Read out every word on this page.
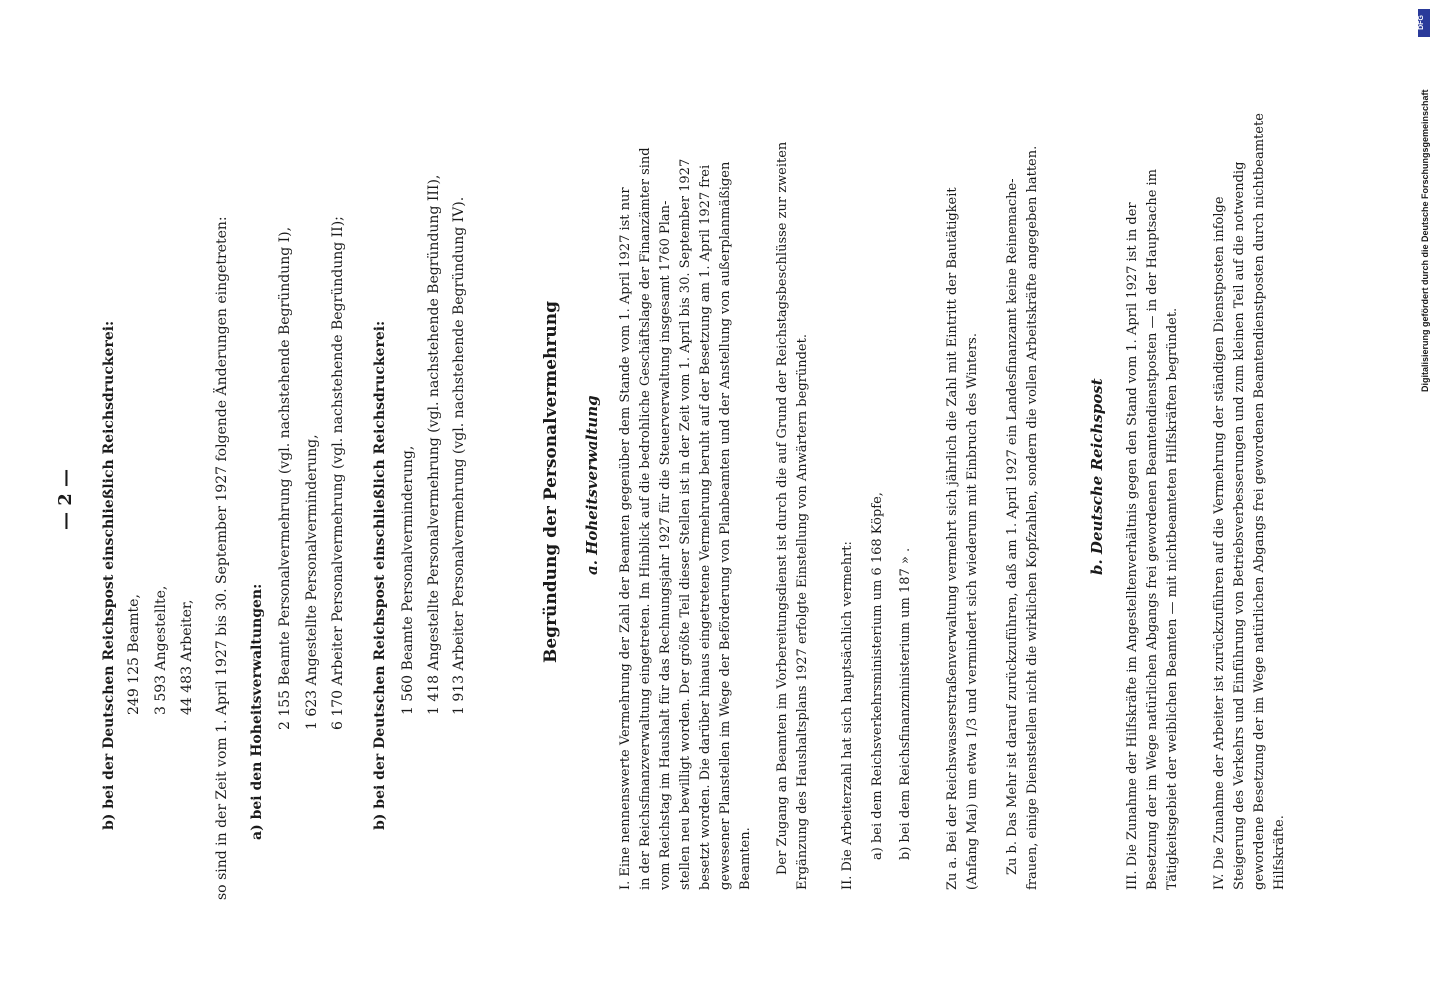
— 2 — b) bei der Deutschen Reichspost einschließlich Reichsdruckerei: 249 125 Beamte, 3 593 Angestellte, 44 483 Arbeiter, so sind in der Zeit vom 1. April 1927 bis 30. September 1927 folgende Änderungen eingetreten: a) bei den Hoheitsverwaltungen: 2 155 Beamte Personalvermehrung (vgl. nachstehende Begründung I), 1 623 Angestellte Personalverminderung, 6 170 Arbeiter Personalvermehrung (vgl. nachstehende Begründung II); b) bei der Deutschen Reichspost einschließlich Reichsdruckerei: 1 560 Beamte Personalverminderung, 1 418 Angestellte Personalvermehrung (vgl. nachstehende Begründung III), 1 913 Arbeiter Personalvermehrung (vgl. nachstehende Begründung IV).	Begründung der Personalvermehrung a. Hoheitsverwaltung I. Eine nennenswerte Vermehrung der Zahl der Beamten gegenüber dem Stande vom 1. April 1927 ist nur in der Reichsfinanzverwaltung eingetreten. Im Hinblick auf die bedrohliche Geschäftslage der Finanzämter sind vom Reichstag im Haushalt für das Rechnungsjahr 1927 für die Steuerverwaltung insgesamt 1760 Plan- stellen neu bewilligt worden. Der größte Teil dieser Stellen ist in der Zeit vom 1. April bis 30. September 1927 besetzt worden. Die darüber hinaus eingetretene Vermehrung beruht auf der Besetzung am 1. April 1927 frei gewesener Planstellen im Wege der Beförderung von Planbeamten und der Anstellung von außerplanmäßigen Beamten. Der Zugang an Beamten im Vorbereitungsdienst ist durch die auf Grund der Reichstagsbeschlüsse zur zweiten Ergänzung des Haushaltsplans 1927 erfolgte Einstellung von Anwärtern begründet. II. Die Arbeiterzahl hat sich hauptsächlich vermehrt: a) bei dem Reichsverkehrsministerium um 6 168 Köpfe, b) bei dem Reichsfinanzministerium um 187 » . Zu a. Bei der Reichswasserstraßenverwaltung vermehrt sich jährlich die Zahl mit Eintritt der Bautätigkeit (Anfang Mai) um etwa 1/3 und vermindert sich wiederum mit Einbruch des Winters. Zu b. Das Mehr ist darauf zurückzuführen, daß am 1. April 1927 ein Landesfinanzamt keine Reinemache- frauen, einige Dienststellen nicht die wirklichen Kopfzahlen, sondern die vollen Arbeitskräfte angegeben hatten.	b. Deutsche Reichspost III. Die Zunahme der Hilfskräfte im Angestelltenverhältnis gegen den Stand vom 1. April 1927 ist in der Besetzung der im Wege natürlichen Abgangs frei gewordenen Beamtendienstposten — in der Hauptsache im Tätigkeitsgebiet der weiblichen Beamten — mit nichtbeamteten Hilfskräften begründet. IV. Die Zunahme der Arbeiter ist zurückzuführen auf die Vermehrung der ständigen Dienstposten infolge Steigerung des Verkehrs und Einführung von Betriebsverbesserungen und zum kleinen Teil auf die notwendig gewordene Besetzung der im Wege natürlichen Abgangs frei gewordenen Beamtendienstposten durch nichtbeamtete Hilfskräfte.
Digitalisierung gefördert durch die Deutsche Forschungsgemeinschaft
DFG
